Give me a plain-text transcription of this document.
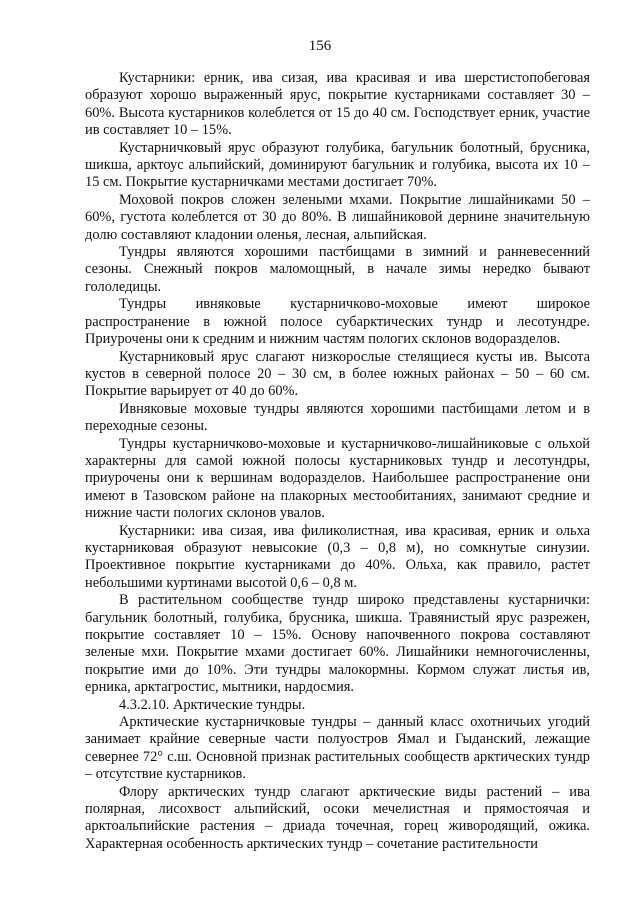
156

Кустарники: ерник, ива сизая, ива красивая и ива шерстистопобеговая образуют хорошо выраженный ярус, покрытие кустарниками составляет 30 – 60%. Высота кустарников колеблется от 15 до 40 см. Господствует ерник, участие ив составляет 10 – 15%.

Кустарничковый ярус образуют голубика, багульник болотный, брусника, шикша, арктоус альпийский, доминируют багульник и голубика, высота их 10 – 15 см. Покрытие кустарничками местами достигает 70%.

Моховой покров сложен зелеными мхами. Покрытие лишайниками 50 – 60%, густота колеблется от 30 до 80%. В лишайниковой дернине значительную долю составляют кладонии оленья, лесная, альпийская.

Тундры являются хорошими пастбищами в зимний и ранневесенний сезоны. Снежный покров маломощный, в начале зимы нередко бывают гололедицы.

Тундры ивняковые кустарничково-моховые имеют широкое распространение в южной полосе субарктических тундр и лесотундре. Приурочены они к средним и нижним частям пологих склонов водоразделов.

Кустарниковый ярус слагают низкорослые стелящиеся кусты ив. Высота кустов в северной полосе 20 – 30 см, в более южных районах – 50 – 60 см. Покрытие варьирует от 40 до 60%.

Ивняковые моховые тундры являются хорошими пастбищами летом и в переходные сезоны.

Тундры кустарничково-моховые и кустарничково-лишайниковые с ольхой характерны для самой южной полосы кустарниковых тундр и лесотундры, приурочены они к вершинам водоразделов. Наибольшее распространение они имеют в Тазовском районе на плакорных местообитаниях, занимают средние и нижние части пологих склонов увалов.

Кустарники: ива сизая, ива филиколистная, ива красивая, ерник и ольха кустарниковая образуют невысокие (0,3 – 0,8 м), но сомкнутые синузии. Проективное покрытие кустарниками до 40%. Ольха, как правило, растет небольшими куртинами высотой 0,6 – 0,8 м.

В растительном сообществе тундр широко представлены кустарнички: багульник болотный, голубика, брусника, шикша. Травянистый ярус разрежен, покрытие составляет 10 – 15%. Основу напочвенного покрова составляют зеленые мхи. Покрытие мхами достигает 60%. Лишайники немногочисленны, покрытие ими до 10%. Эти тундры малокормны. Кормом служат листья ив, ерника, арктагростис, мытники, нардосмия.

4.3.2.10. Арктические тундры.

Арктические кустарничковые тундры – данный класс охотничьих угодий занимает крайние северные части полуостров Ямал и Гыданский, лежащие севернее 72° с.ш. Основной признак растительных сообществ арктических тундр – отсутствие кустарников.

Флору арктических тундр слагают арктические виды растений – ива полярная, лисохвост альпийский, осоки мечелистная и прямостоячая и арктоальпийские растения – дриада точечная, горец живородящий, ожика. Характерная особенность арктических тундр – сочетание растительности
